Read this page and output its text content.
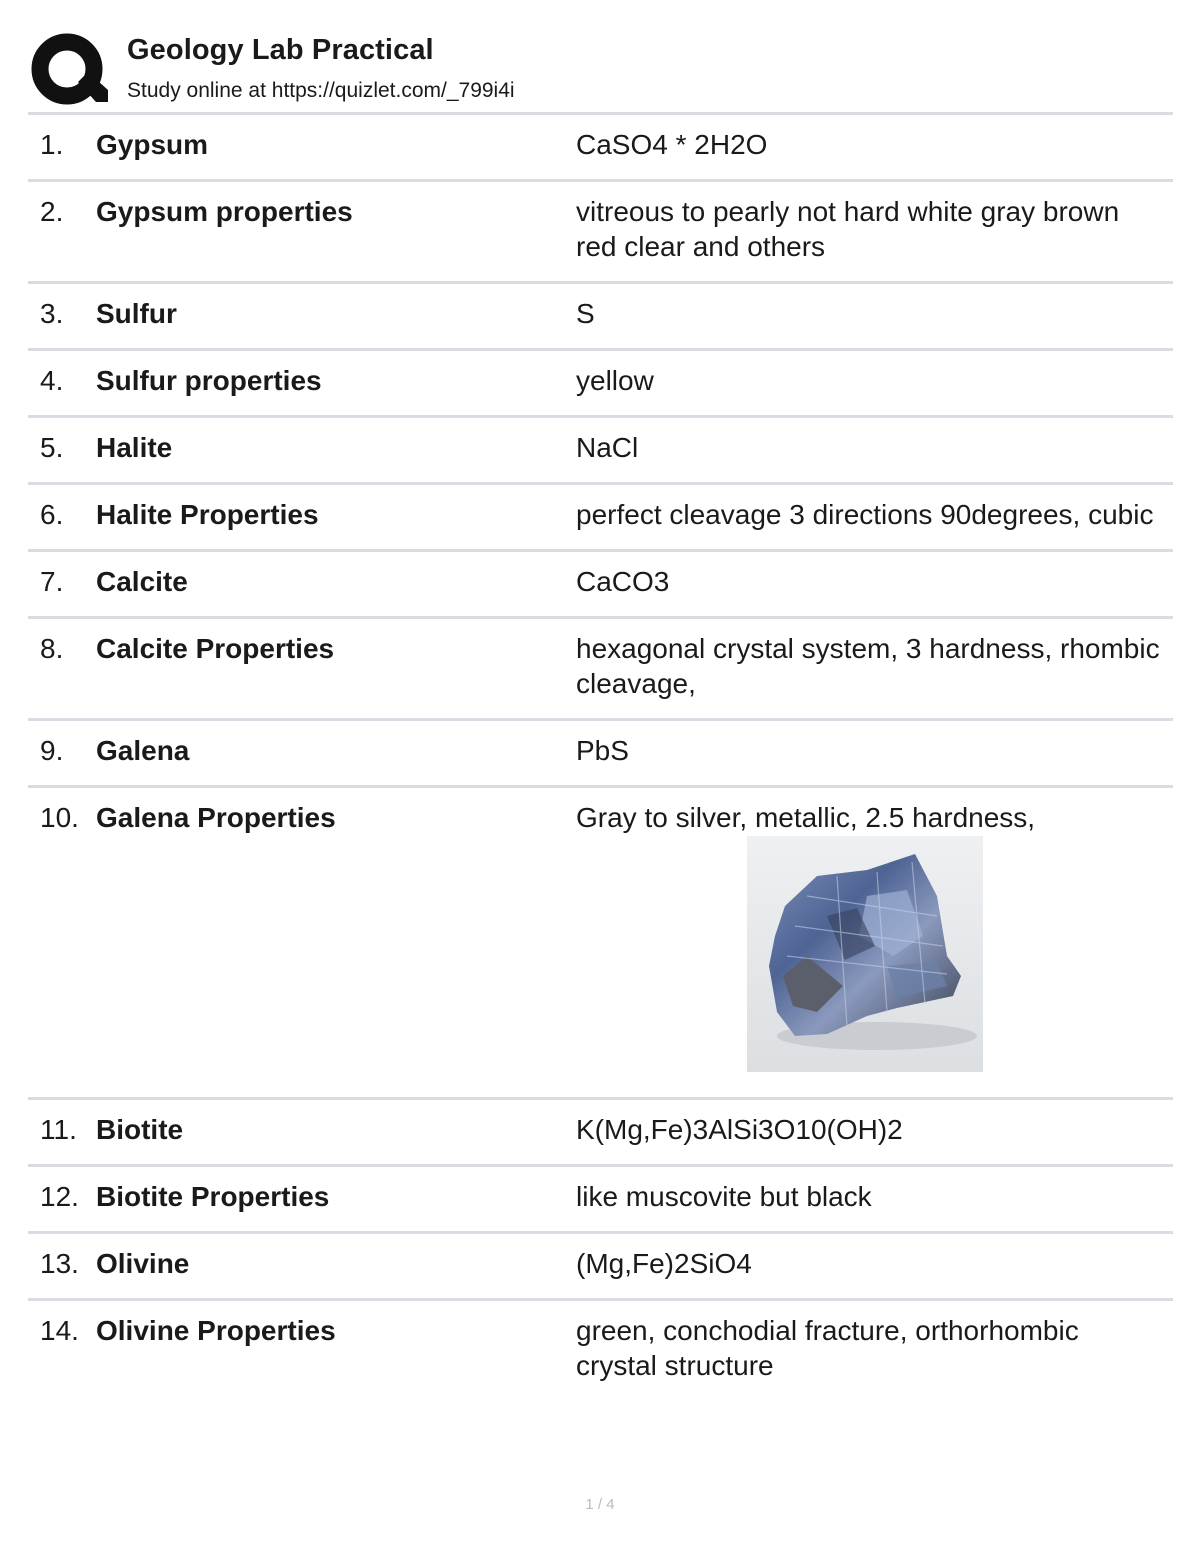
Geology Lab Practical
Study online at https://quizlet.com/_799i4i
1. Gypsum	CaSO4 * 2H2O
2. Gypsum properties	vitreous to pearly not hard white gray brown red clear and others
3. Sulfur	S
4. Sulfur properties	yellow
5. Halite	NaCl
6. Halite Properties	perfect cleavage 3 directions 90degrees, cubic
7. Calcite	CaCO3
8. Calcite Properties	hexagonal crystal system, 3 hardness, rhombic cleavage,
9. Galena	PbS
10. Galena Properties	Gray to silver, metallic, 2.5 hardness,
11. Biotite	K(Mg,Fe)3AlSi3O10(OH)2
12. Biotite Properties	like muscovite but black
13. Olivine	(Mg,Fe)2SiO4
14. Olivine Properties	green, conchodial fracture, orthorhombic crystal structure
1 / 4
